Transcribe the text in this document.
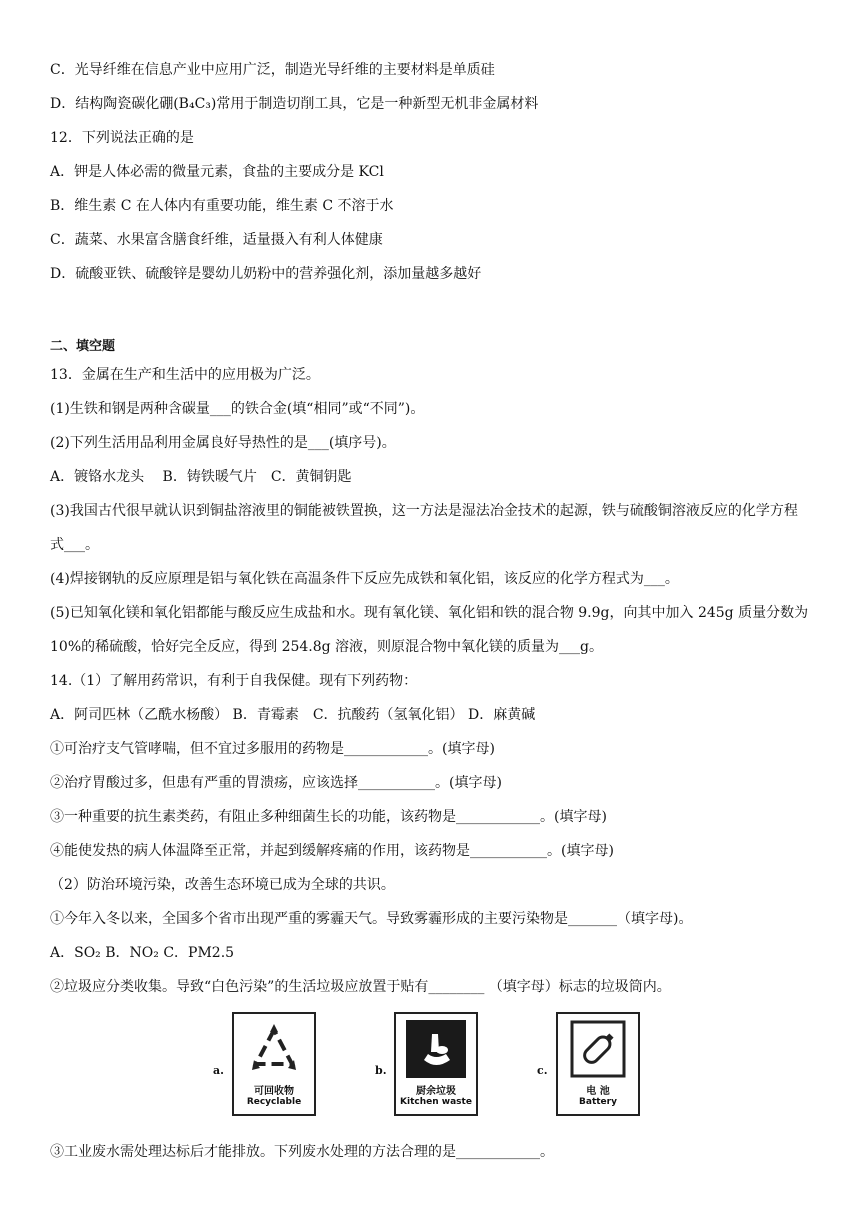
C．光导纤维在信息产业中应用广泛，制造光导纤维的主要材料是单质硅
D．结构陶瓷碳化硼(B₄C₃)常用于制造切削工具，它是一种新型无机非金属材料
12．下列说法正确的是
A．钾是人体必需的微量元素，食盐的主要成分是 KCl
B．维生素 C 在人体内有重要功能，维生素 C 不溶于水
C．蔬菜、水果富含膳食纤维，适量摄入有利人体健康
D．硫酸亚铁、硫酸锌是婴幼儿奶粉中的营养强化剂，添加量越多越好
二、填空题
13．金属在生产和生活中的应用极为广泛。
(1)生铁和钢是两种含碳量___的铁合金(填“相同”或“不同”)。
(2)下列生活用品利用金属良好导热性的是___(填序号)。
A．镀铬水龙头　 B．铸铁暖气片　C．黄铜钥匙
(3)我国古代很早就认识到铜盐溶液里的铜能被铁置换，这一方法是湿法冶金技术的起源，铁与硫酸铜溶液反应的化学方程式___。
(4)焊接钢轨的反应原理是铝与氧化铁在高温条件下反应先成铁和氧化铝，该反应的化学方程式为___。
(5)已知氧化镁和氧化铝都能与酸反应生成盐和水。现有氧化镁、氧化铝和铁的混合物 9.9g，向其中加入 245g 质量分数为 10%的稀硫酸，恰好完全反应，得到 254.8g 溶液，则原混合物中氧化镁的质量为___g。
14.（1）了解用药常识，有利于自我保健。现有下列药物：
A．阿司匹林（乙酰水杨酸） B．青霉素　C．抗酸药（氢氧化铝） D．麻黄碱
①可治疗支气管哮喘，但不宜过多服用的药物是____________。(填字母)
②治疗胃酸过多，但患有严重的胃溃疡，应该选择___________。(填字母)
③一种重要的抗生素类药，有阻止多种细菌生长的功能，该药物是____________。(填字母)
④能使发热的病人体温降至正常，并起到缓解疼痛的作用，该药物是___________。(填字母)
（2）防治环境污染，改善生态环境已成为全球的共识。
①今年入冬以来，全国多个省市出现严重的雾霾天气。导致雾霾形成的主要污染物是_______（填字母)。
A．SO₂ B．NO₂ C．PM2.5
②垃圾应分类收集。导致“白色污染”的生活垃圾应放置于贴有________ （填字母）标志的垃圾筒内。
a.
可回收物
Recyclable
b.
厨余垃圾
Kitchen waste
c.
电 池
Battery
③工业废水需处理达标后才能排放。下列废水处理的方法合理的是____________。
